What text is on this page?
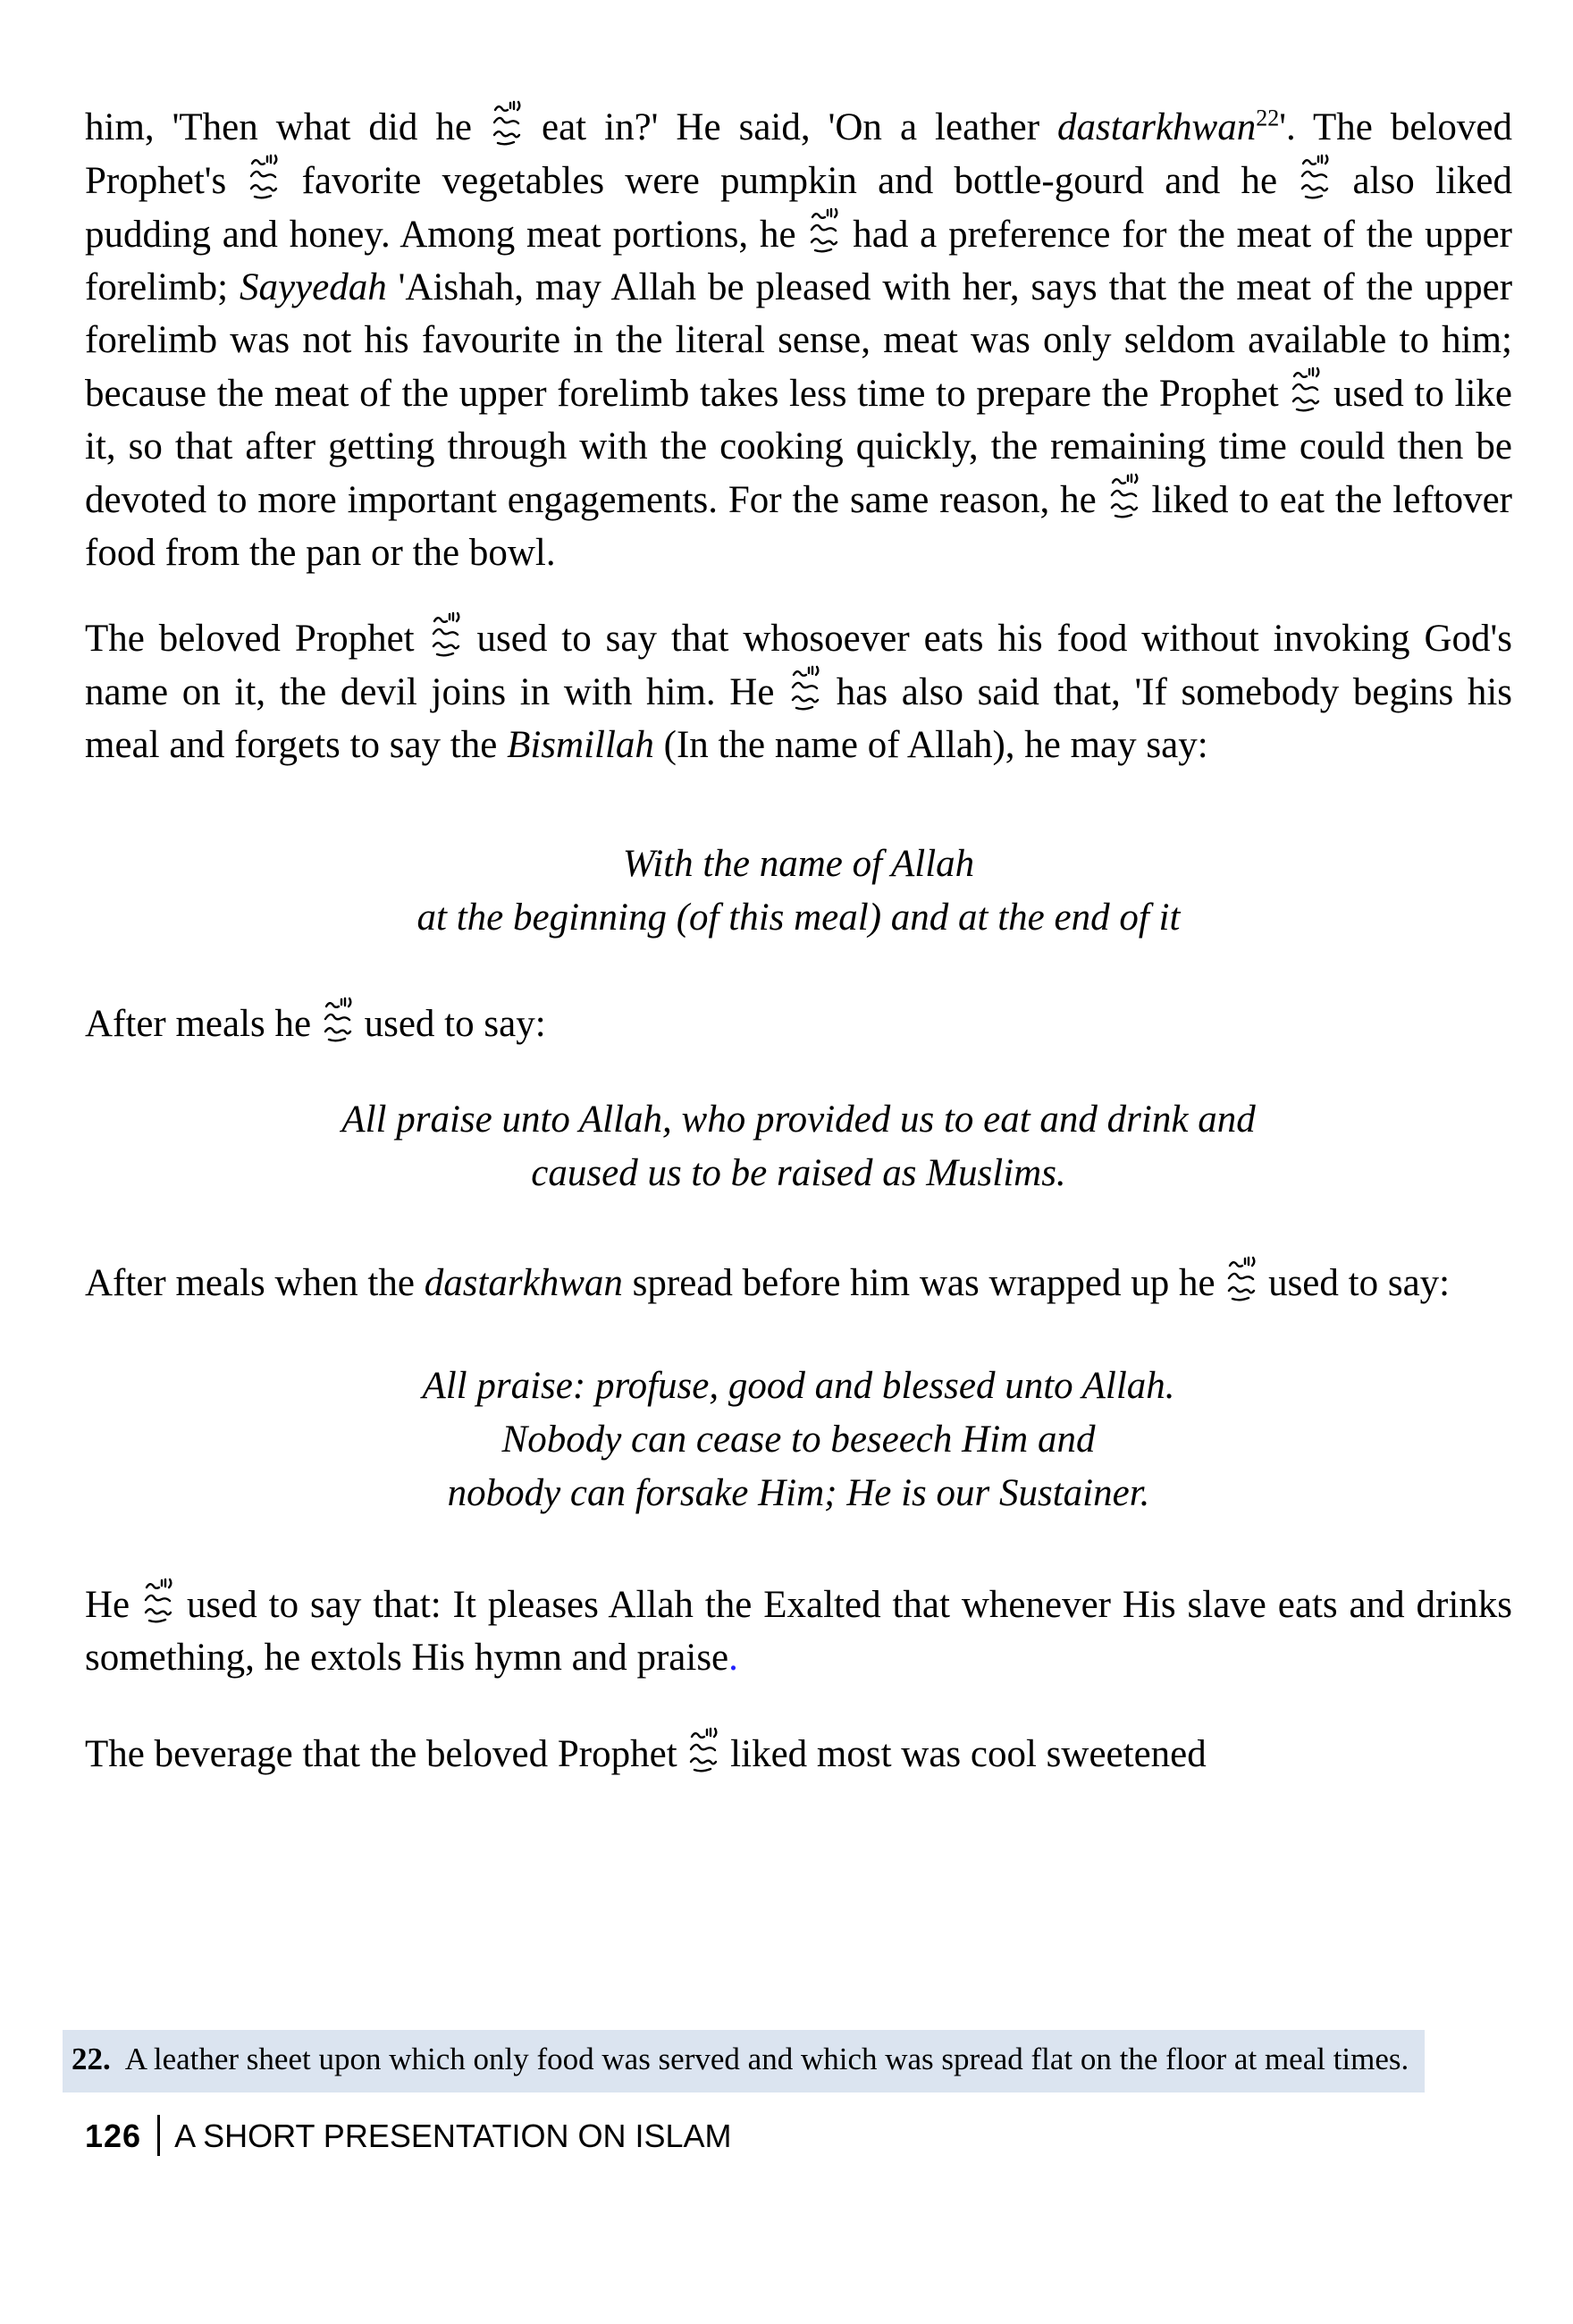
him, 'Then what did he  eat in?' He said, 'On a leather dastarkhwan$^{22}$'. The beloved Prophet's  favorite vegetables were pumpkin and bottle-gourd and he  also liked pudding and honey. Among meat portions, he  had a preference for the meat of the upper forelimb; Sayyedah 'Aishah, may Allah be pleased with her, says that the meat of the upper forelimb was not his favourite in the literal sense, meat was only seldom available to him; because the meat of the upper forelimb takes less time to prepare the Prophet  used to like it, so that after getting through with the cooking quickly, the remaining time could then be devoted to more important engagements. For the same reason, he  liked to eat the leftover food from the pan or the bowl.

The beloved Prophet  used to say that whosoever eats his food without invoking God's name on it, the devil joins in with him. He  has also said that, 'If somebody begins his meal and forgets to say the Bismillah (In the name of Allah), he may say:

With the name of Allah
at the beginning (of this meal) and at the end of it

After meals he  used to say:

All praise unto Allah, who provided us to eat and drink and
caused us to be raised as Muslims.

After meals when the dastarkhwan spread before him was wrapped up he  used to say:

All praise: profuse, good and blessed unto Allah.
Nobody can cease to beseech Him and
nobody can forsake Him; He is our Sustainer.

He  used to say that: It pleases Allah the Exalted that whenever His slave eats and drinks something, he extols His hymn and praise.

The beverage that the beloved Prophet  liked most was cool sweetened

22. A leather sheet upon which only food was served and which was spread flat on the floor at meal times.
126 A SHORT PRESENTATION ON ISLAM
